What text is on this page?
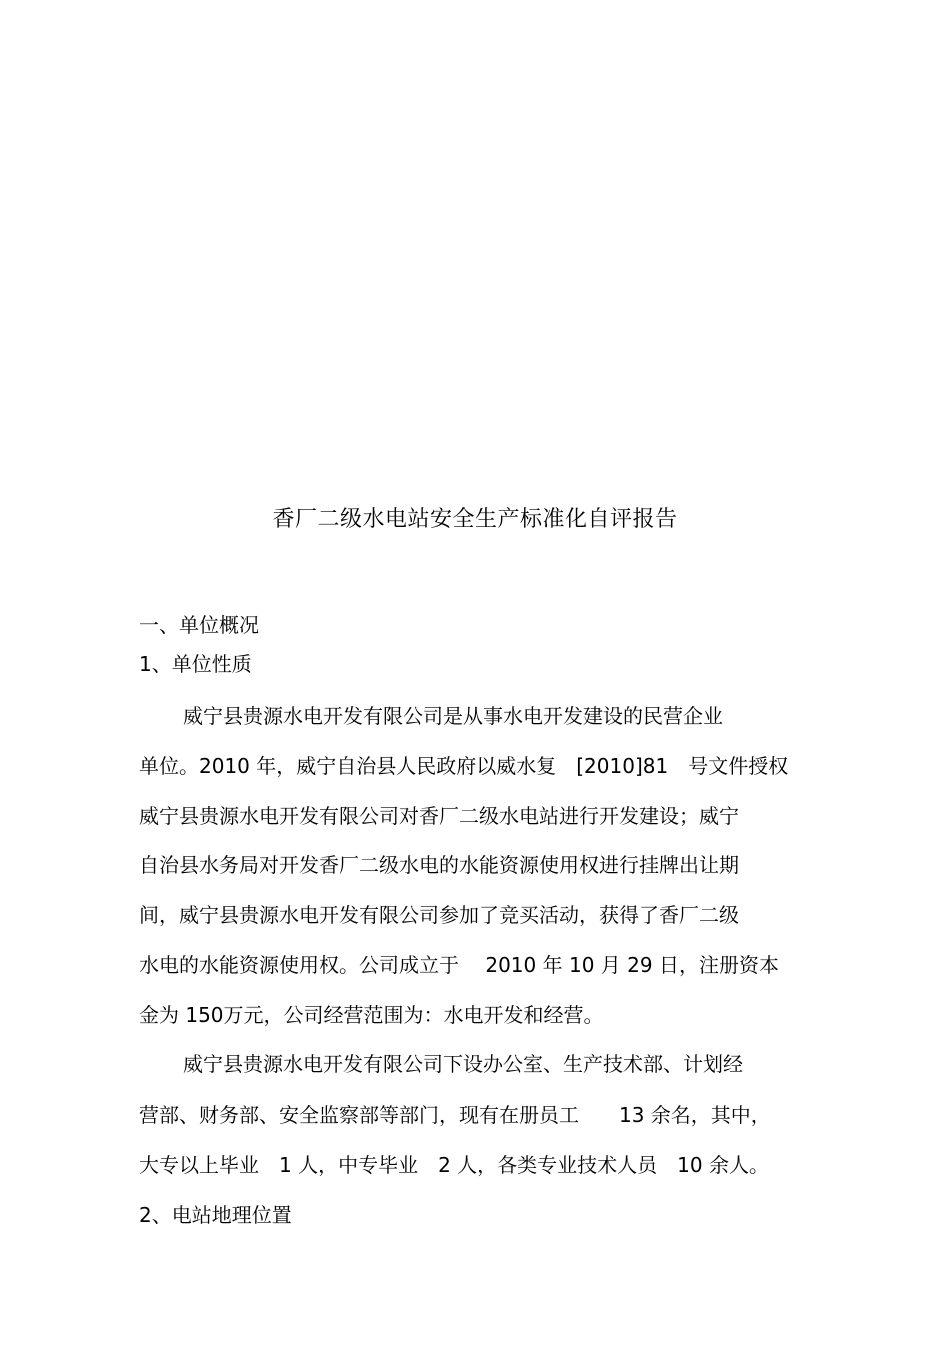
香厂二级水电站安全生产标准化自评报告
一、单位概况
1、单位性质
威宁县贵源水电开发有限公司是从事水电开发建设的民营企业
单位。2010 年，威宁自治县人民政府以威水复　[2010]81　号文件授权
威宁县贵源水电开发有限公司对香厂二级水电站进行开发建设；威宁
自治县水务局对开发香厂二级水电的水能资源使用权进行挂牌出让期
间，威宁县贵源水电开发有限公司参加了竞买活动，获得了香厂二级
水电的水能资源使用权。公司成立于　 2010 年 10 月 29 日，注册资本
金为 150万元，公司经营范围为：水电开发和经营。
威宁县贵源水电开发有限公司下设办公室、生产技术部、计划经
营部、财务部、安全监察部等部门，现有在册员工　　13 余名，其中，
大专以上毕业　1 人，中专毕业　2 人，各类专业技术人员　10 余人。
2、电站地理位置
